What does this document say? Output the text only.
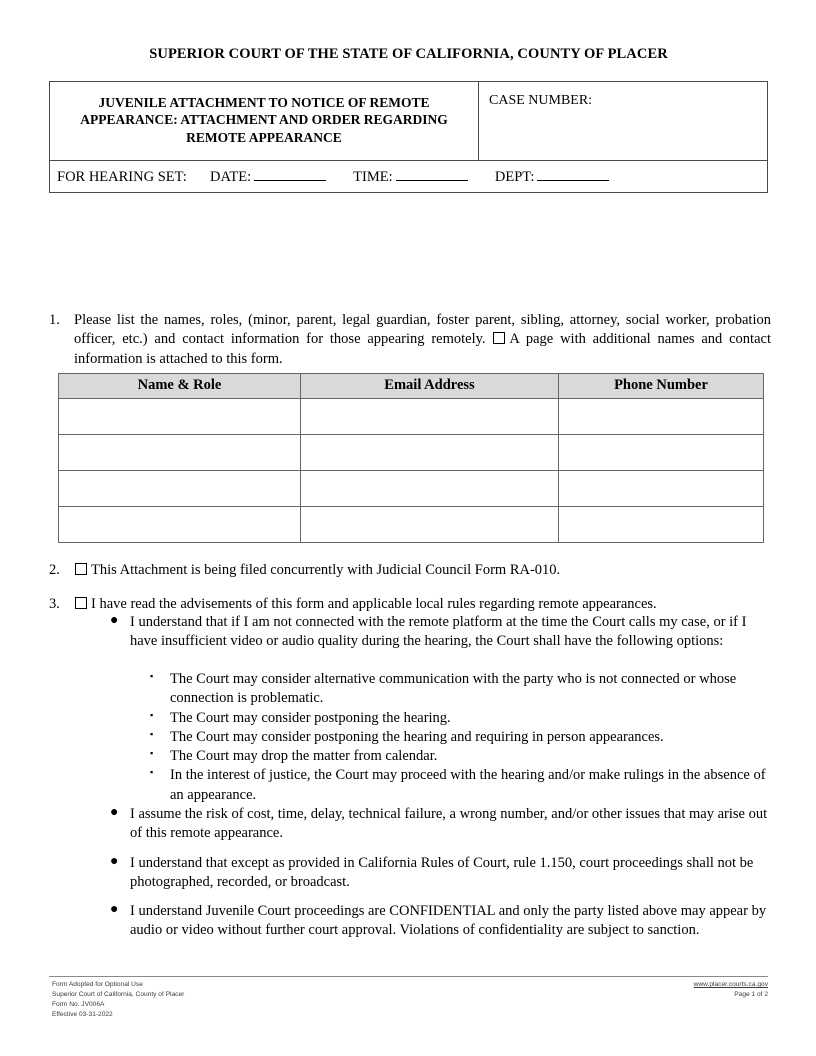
SUPERIOR COURT OF THE STATE OF CALIFORNIA, COUNTY OF PLACER
JUVENILE ATTACHMENT TO NOTICE OF REMOTE
APPEARANCE: ATTACHMENT AND ORDER REGARDING
REMOTE APPEARANCE
CASE NUMBER:
FOR HEARING SET: DATE:	TIME:	DEPT:
1. Please list the names, roles, (minor, parent, legal guardian, foster parent, sibling, attorney, social worker, probation officer, etc.) and contact information for those appearing remotely. A page with additional names and contact information is attached to this form.
Name & Role	Email Address	Phone Number

2.	This Attachment is being filed concurrently with Judicial Council Form RA-010.
3.	I have read the advisements of this form and applicable local rules regarding remote appearances.
● I understand that if I am not connected with the remote platform at the time the Court calls my case, or if I have insufficient video or audio quality during the hearing, the Court shall have the following options:
▪ The Court may consider alternative communication with the party who is not connected or whose connection is problematic.
▪ The Court may consider postponing the hearing.
▪ The Court may consider postponing the hearing and requiring in person appearances.
▪ The Court may drop the matter from calendar.
▪ In the interest of justice, the Court may proceed with the hearing and/or make rulings in the absence of an appearance.
● I assume the risk of cost, time, delay, technical failure, a wrong number, and/or other issues that may arise out of this remote appearance.
● I understand that except as provided in California Rules of Court, rule 1.150, court proceedings shall not be photographed, recorded, or broadcast.
● I understand Juvenile Court proceedings are CONFIDENTIAL and only the party listed above may appear by audio or video without further court approval. Violations of confidentiality are subject to sanction.
Form Adopted for Optional Use
Superior Court of California, County of Placer
Form No. JV006A
Effective 03-31-2022
www.placer.courts.ca.gov
Page 1 of 2
